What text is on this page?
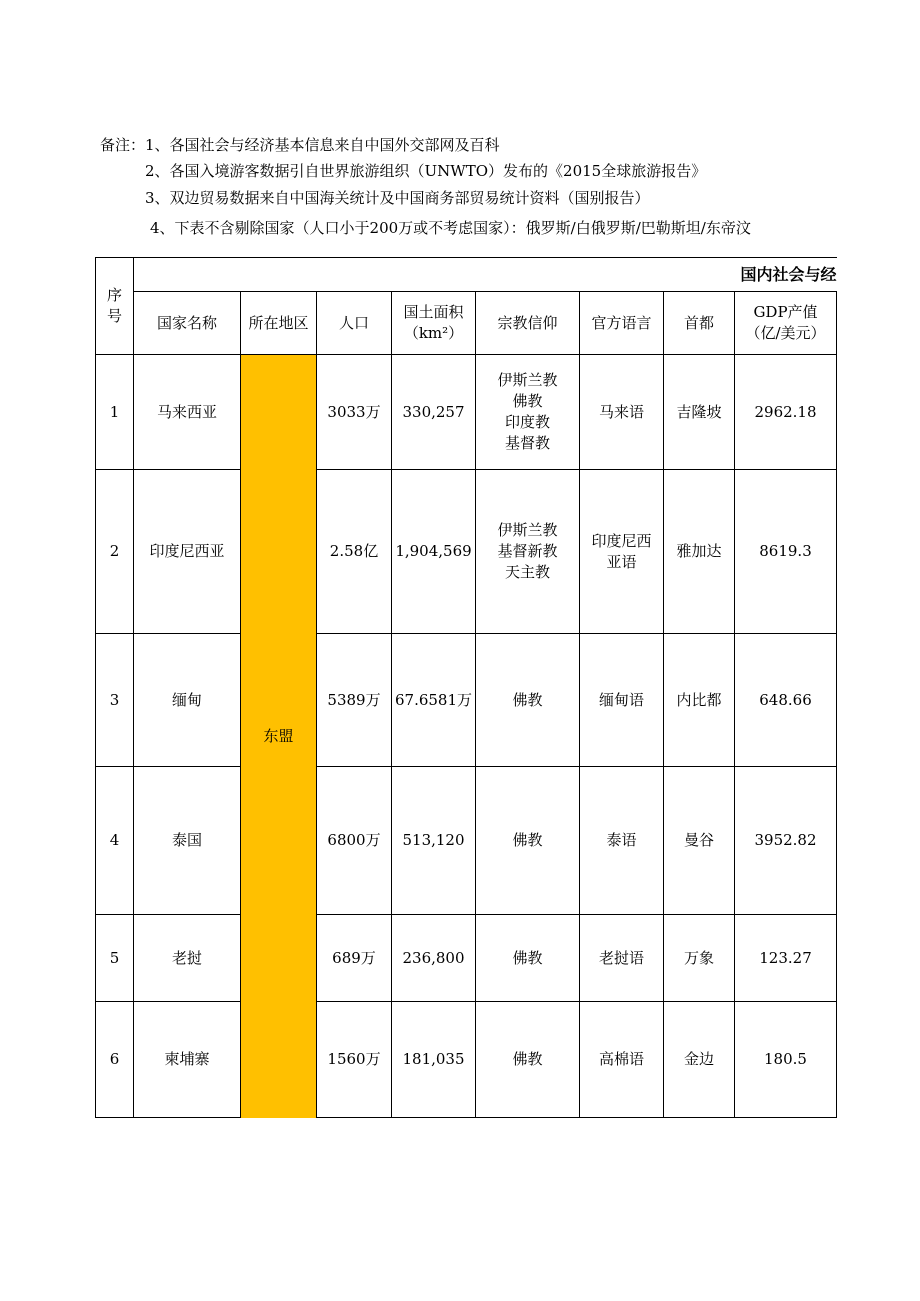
备注：1、各国社会与经济基本信息来自中国外交部网及百科
2、各国入境游客数据引自世界旅游组织（UNWTO）发布的《2015全球旅游报告》
3、双边贸易数据来自中国海关统计及中国商务部贸易统计资料（国别报告）
4、下表不含剔除国家（人口小于200万或不考虑国家）：俄罗斯/白俄罗斯/巴勒斯坦/东帝汶
序
号	国内社会与经							
	国家名称	所在地区	人口	国土面积
（km²）	宗教信仰	官方语言	首都	GDP产值
（亿/美元）
1	马来西亚	东盟	3033万	330,257	伊斯兰教
佛教
印度教
基督教	马来语	吉隆坡	2962.18
2	印度尼西亚		2.58亿	1,904,569	伊斯兰教
基督新教
天主教	印度尼西
亚语	雅加达	8619.3
3	缅甸		5389万	67.6581万	佛教	缅甸语	内比都	648.66
4	泰国		6800万	513,120	佛教	泰语	曼谷	3952.82
5	老挝		689万	236,800	佛教	老挝语	万象	123.27
6	柬埔寨		1560万	181,035	佛教	高棉语	金边	180.5
